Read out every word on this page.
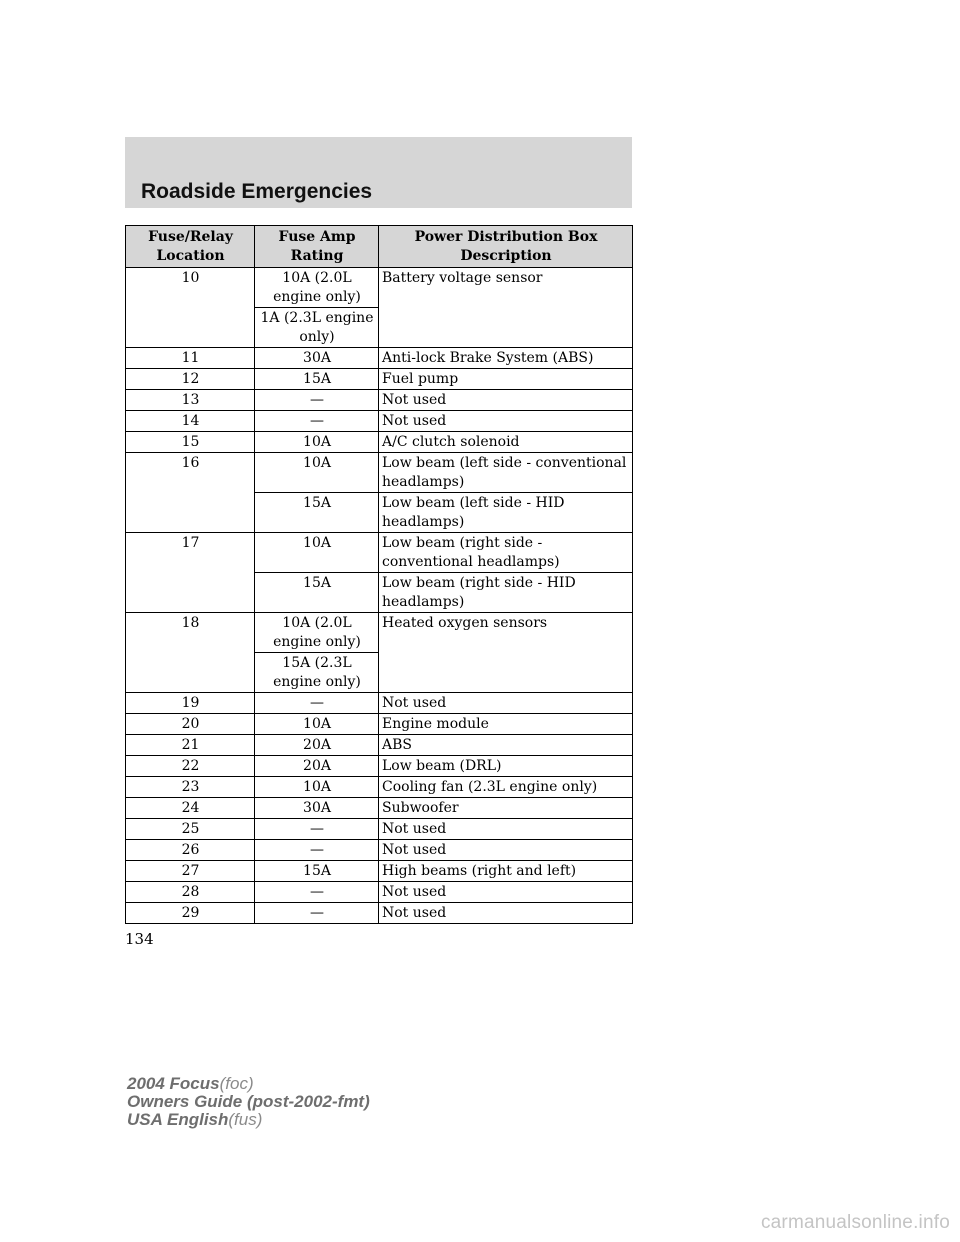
Roadside Emergencies
Fuse/Relay Location	Fuse Amp Rating	Power Distribution Box Description
10	10A (2.0L engine only)	Battery voltage sensor
	1A (2.3L engine only)	
11	30A	Anti-lock Brake System (ABS)
12	15A	Fuel pump
13	—	Not used
14	—	Not used
15	10A	A/C clutch solenoid
16	10A	Low beam (left side - conventional headlamps)
	15A	Low beam (left side - HID headlamps)
17	10A	Low beam (right side - conventional headlamps)
	15A	Low beam (right side - HID headlamps)
18	10A (2.0L engine only)	Heated oxygen sensors
	15A (2.3L engine only)	
19	—	Not used
20	10A	Engine module
21	20A	ABS
22	20A	Low beam (DRL)
23	10A	Cooling fan (2.3L engine only)
24	30A	Subwoofer
25	—	Not used
26	—	Not used
27	15A	High beams (right and left)
28	—	Not used
29	—	Not used
134
2004 Focus(foc)
Owners Guide (post-2002-fmt)
USA English(fus)
carmanualsonline.info
